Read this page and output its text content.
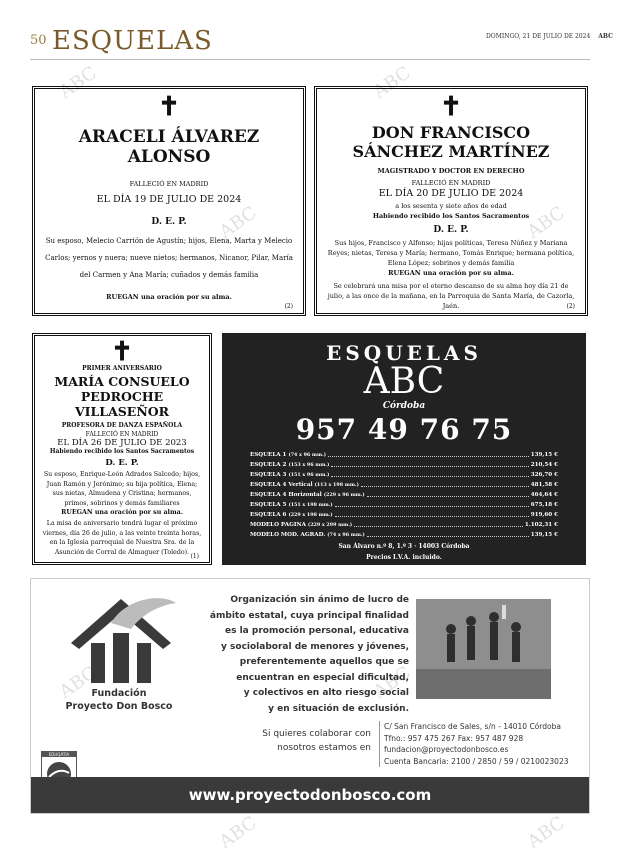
50 ESQUELAS	DOMINGO, 21 DE JULIO DE 2024 ABC
✝
ARACELI ÁLVAREZ ALONSO
FALLECIÓ EN MADRID
EL DÍA 19 DE JULIO DE 2024
D. E. P.
Su esposo, Melecio Carrión de Agustín; hijos, Elena, Marta y Melecio Carlos; yernos y nuera; nueve nietos; hermanos, Nicanor, Pilar, María del Carmen y Ana María; cuñados y demás familia
RUEGAN una oración por su alma.
(2)
✝
DON FRANCISCO SÁNCHEZ MARTÍNEZ
MAGISTRADO Y DOCTOR EN DERECHO
FALLECIÓ EN MADRID
EL DÍA 20 DE JULIO DE 2024
a los sesenta y siete años de edad
Habiendo recibido los Santos Sacramentos
D. E. P.
Sus hijos, Francisco y Alfonso; hijas políticas, Teresa Núñez y Mariana Reyes; nietas, Teresa y María; hermano, Tomás Enrique; hermana política, Elena López; sobrinos y demás familia
RUEGAN una oración por su alma.
Se celebrará una misa por el eterno descanso de su alma hoy día 21 de julio, a las once de la mañana, en la Parroquia de Santa María, de Cazorla, Jaén.	(2)
✝
PRIMER ANIVERSARIO
MARÍA CONSUELO PEDROCHE VILLASEÑOR
PROFESORA DE DANZA ESPAÑOLA
FALLECIÓ EN MADRID
EL DÍA 26 DE JULIO DE 2023
Habiendo recibido los Santos Sacramentos
D. E. P.
Su esposo, Enrique-León Adrados Salcedo; hijos, Juan Ramón y Jerónimo; su hija política, Elena; sus nietas, Almudena y Cristina; hermanos, primos, sobrinos y demás familiares
RUEGAN una oración por su alma.
La misa de aniversario tendrá lugar el próximo viernes, día 26 de julio, a las veinte treinta horas, en la Iglesia parroquial de Nuestra Sra. de la Asunción de Corral de Almaguer (Toledo).
(1)
ESQUELAS
ABC
Córdoba
957 49 76 75
ESQUELA 1 (74 x 96 mm.)	139,15 €
ESQUELA 2 (153 x 96 mm.)	210,54 €
ESQUELA 3 (151 x 96 mm.)	326,70 €
ESQUELA 4 Vertical (113 x 198 mm.)	481,58 €
ESQUELA 4 Horizontal (229 x 96 mm.)	464,64 €
ESQUELA 5 (151 x 198 mm.)	675,18 €
ESQUELA 6 (229 x 198 mm.)	919,60 €
MODELO PAGINA (229 x 299 mm.)	1.102,31 €
MODELO MOD. AGRAD. (74 x 96 mm.)	139,15 €
San Álvaro n.º 8, 1.º 3 · 14003 Córdoba
Precios I.V.A. incluido.
Fundación
Proyecto Don Bosco
Organización sin ánimo de lucro de
ámbito estatal, cuya principal finalidad
es la promoción personal, educativa
y sociolaboral de menores y jóvenes,
preferentemente aquellos que se
encuentran en especial dificultad,
y colectivos en alto riesgo social
y en situación de exclusión.
Si quieres colaborar con
nosotros estamos en
C/ San Francisco de Sales, s/n - 14010 Córdoba
Tfno.: 957 475 267 Fax: 957 487 928
fundacion@proyectodonbosco.es
Cuenta Bancaria: 2100 / 2850 / 59 / 0210023023
EDUQATIA
www.proyectodonbosco.com
ABC	ABC
ABC	ABC
ABC	ABC
